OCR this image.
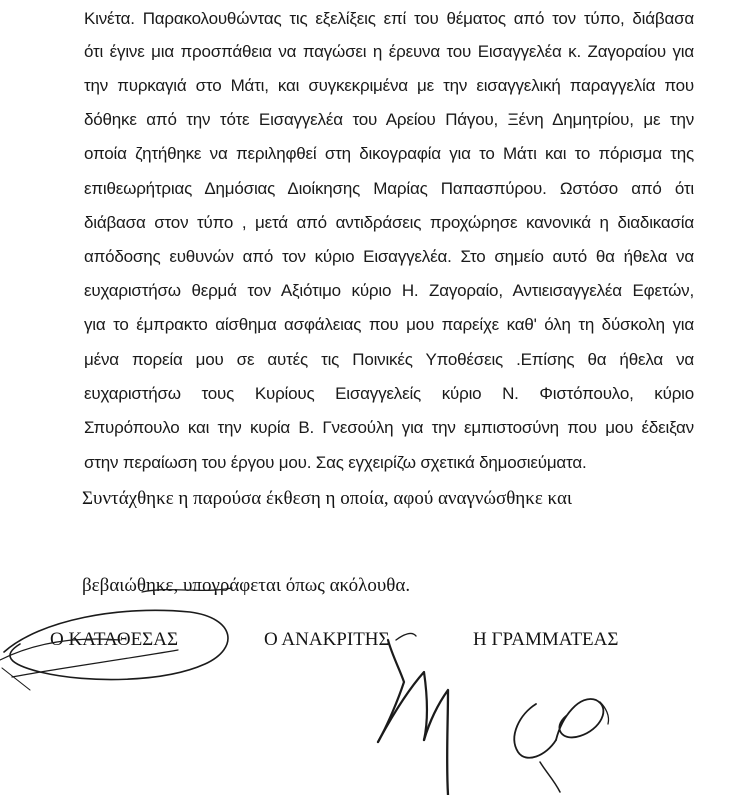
Κινέτα. Παρακολουθώντας τις εξελίξεις επί του θέματος από τον τύπο, διάβασα
ότι έγινε μια προσπάθεια να παγώσει η έρευνα του Εισαγγελέα κ. Ζαγοραίου για
την πυρκαγιά στο Μάτι, και συγκεκριμένα με την εισαγγελική παραγγελία που
δόθηκε από την τότε Εισαγγελέα του Αρείου Πάγου, Ξένη Δημητρίου, με την
οποία ζητήθηκε να περιληφθεί στη δικογραφία για το Μάτι και το πόρισμα της
επιθεωρήτριας Δημόσιας Διοίκησης Μαρίας Παπασπύρου. Ωστόσο από ότι
διάβασα στον τύπο , μετά από αντιδράσεις προχώρησε κανονικά η διαδικασία
απόδοσης ευθυνών από τον κύριο Εισαγγελέα. Στο σημείο αυτό θα ήθελα να
ευχαριστήσω θερμά τον Αξιότιμο κύριο Η. Ζαγοραίο, Αντιεισαγγελέα Εφετών,
για το έμπρακτο αίσθημα ασφάλειας που μου παρείχε καθ' όλη τη δύσκολη για
μένα πορεία μου σε αυτές τις Ποινικές Υποθέσεις .Επίσης θα ήθελα να
ευχαριστήσω τους Κυρίους Εισαγγελείς κύριο Ν. Φιστόπουλο, κύριο
Σπυρόπουλο και την κυρία Β. Γνεσούλη για την εμπιστοσύνη που μου έδειξαν
στην περαίωση του έργου μου. Σας εγχειρίζω σχετικά δημοσιεύματα.
Συντάχθηκε η παρούσα έκθεση η οποία, αφού αναγνώσθηκε και
βεβαιώθηκε, υπογράφεται όπως ακόλουθα.
Ο ΚΑΤΑΘΕΣΑΣ	Ο ΑΝΑΚΡΙΤΗΣ	Η ΓΡΑΜΜΑΤΕΑΣ
